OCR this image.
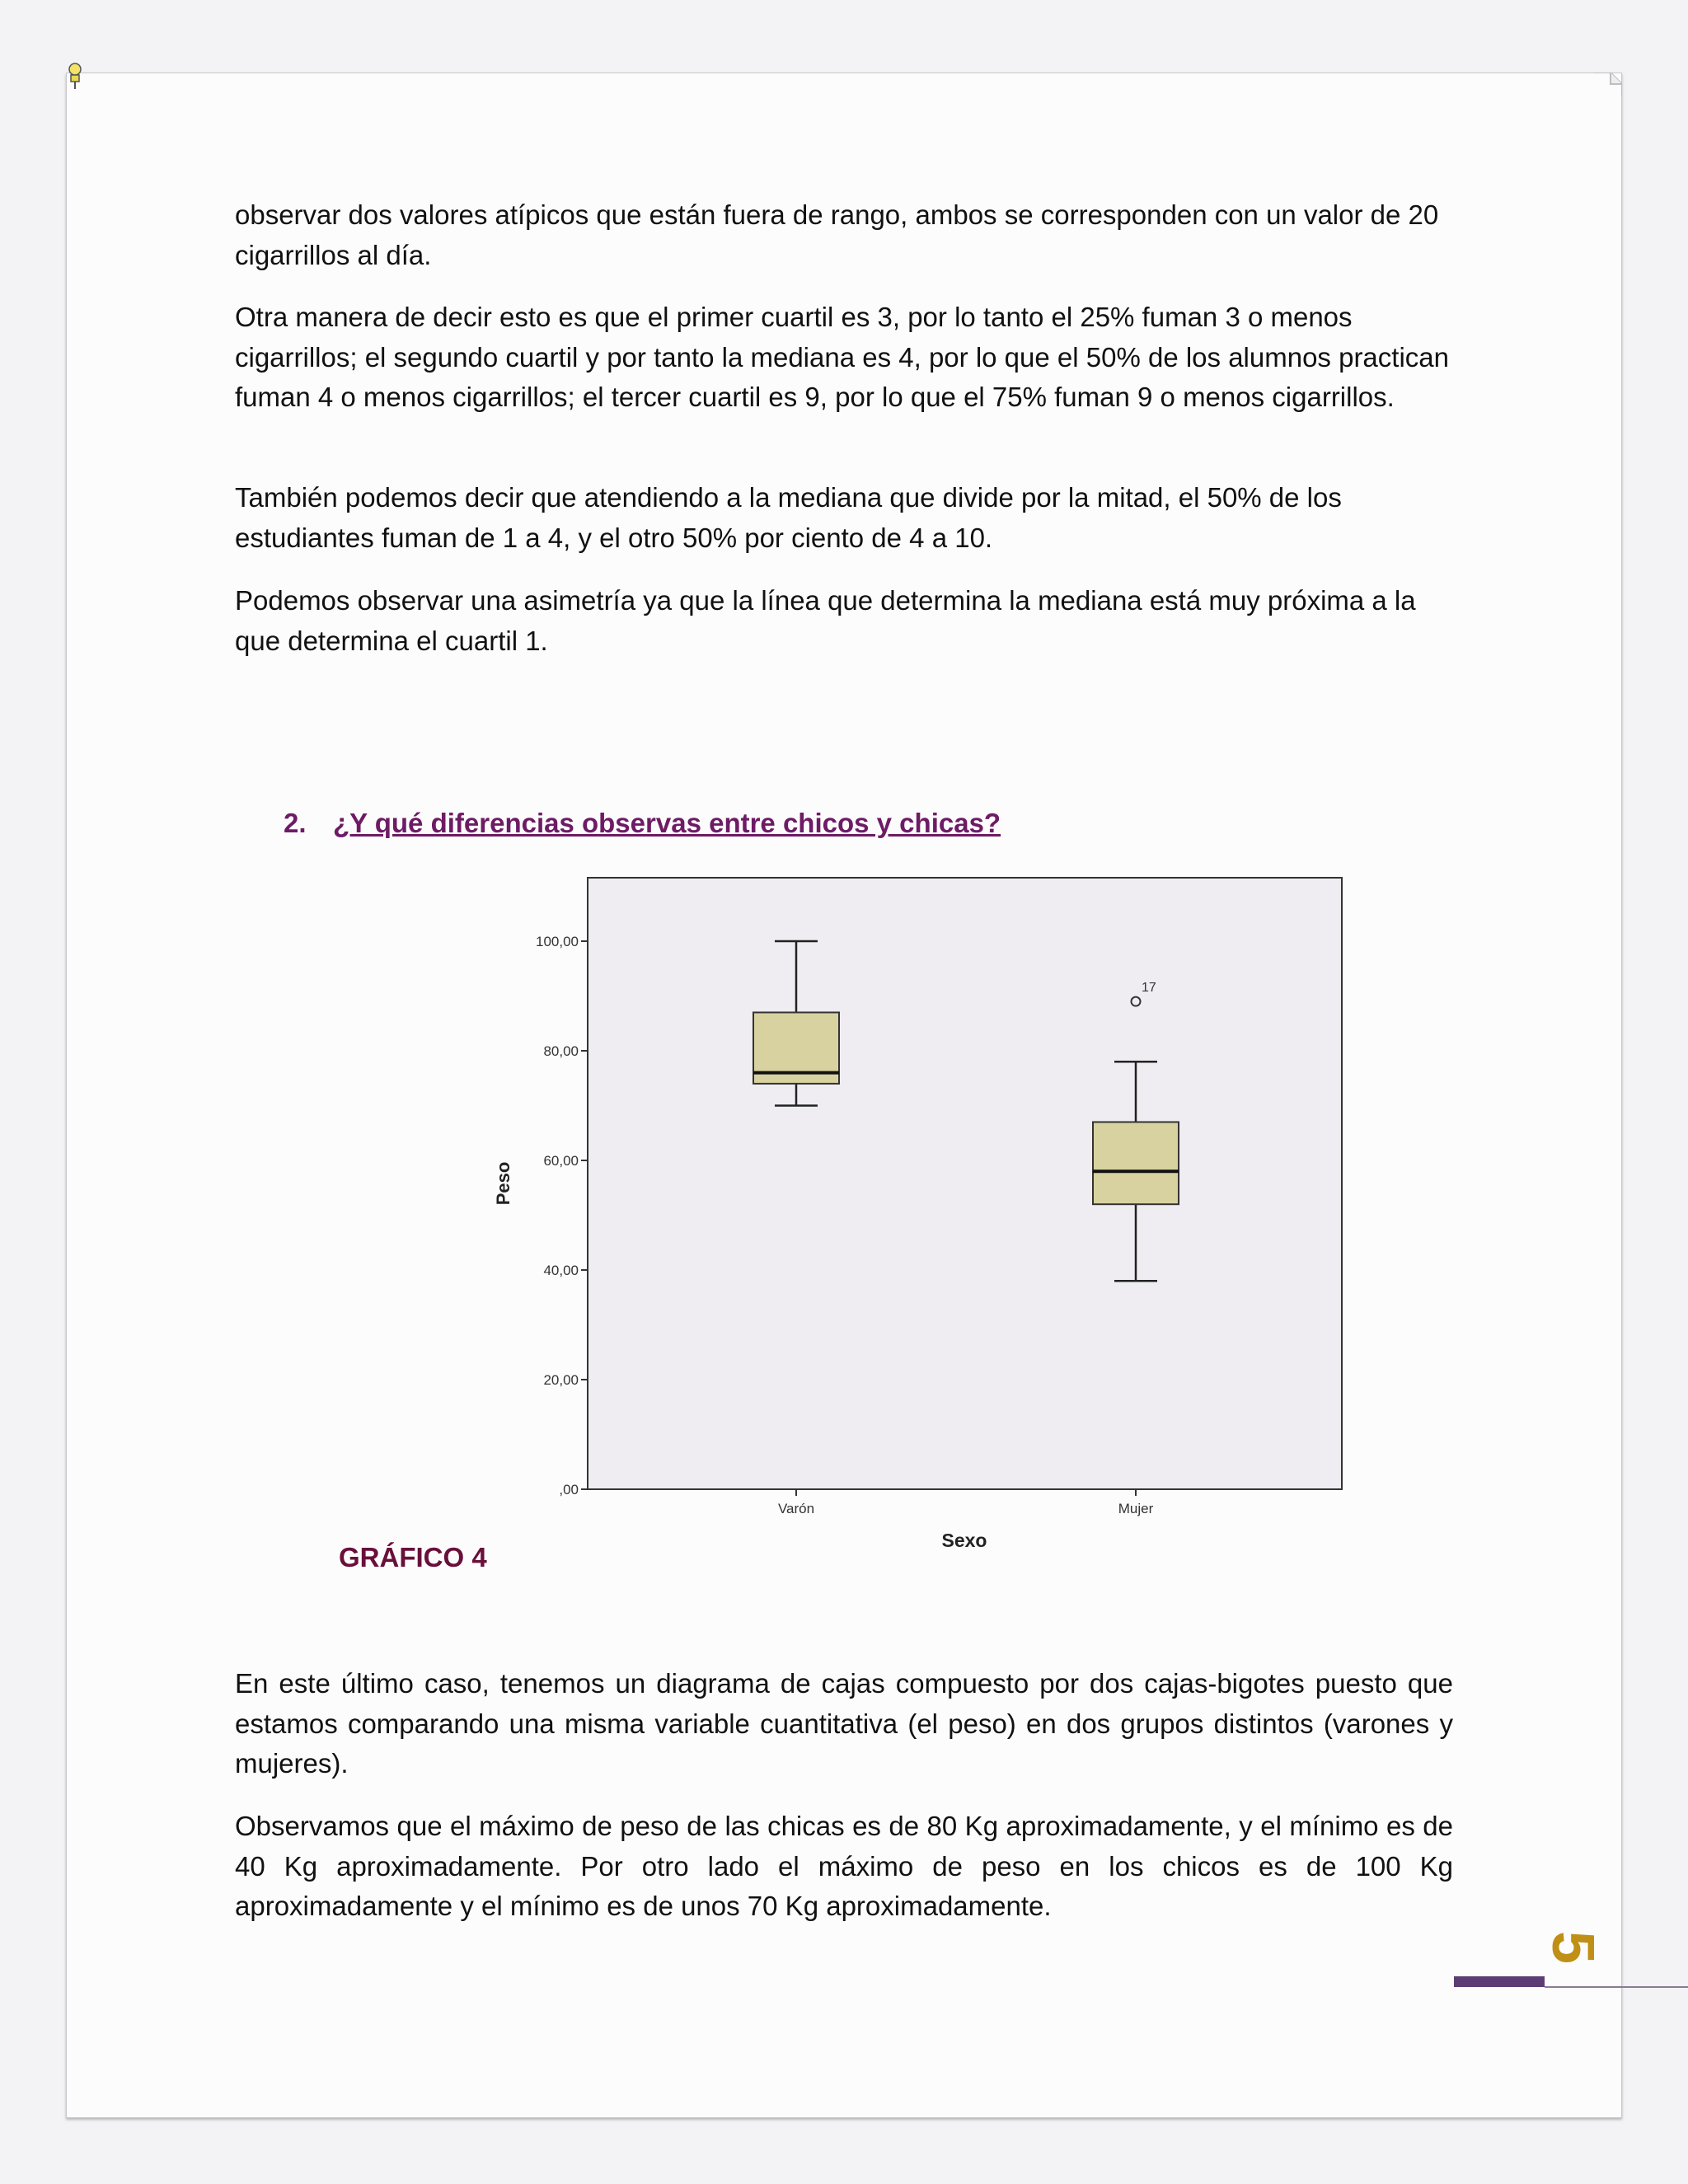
observar dos valores atípicos que están fuera de rango, ambos se corresponden con un valor de 20 cigarrillos al día.
Otra manera de decir esto es que el primer cuartil es 3, por lo tanto el 25% fuman 3 o menos cigarrillos; el segundo cuartil y por tanto la mediana es 4, por lo que el 50% de los alumnos practican fuman 4 o menos cigarrillos; el tercer cuartil es 9, por lo que el 75% fuman 9 o menos cigarrillos.
También podemos decir que atendiendo a la mediana que divide por la mitad, el 50% de los estudiantes fuman de 1 a 4, y el otro 50% por ciento de 4 a 10.
Podemos observar una asimetría ya que la línea que determina la mediana está muy próxima a la que determina el cuartil 1.
2. ¿Y qué diferencias observas entre chicos y chicas?
,00
20,00
40,00
60,00
80,00
100,00
Varón	Mujer
17
Peso
Sexo
GRÁFICO 4
En este último caso, tenemos un diagrama de cajas compuesto por dos cajas-bigotes puesto que estamos comparando una misma variable cuantitativa (el peso) en dos grupos distintos (varones y mujeres).
Observamos que el máximo de peso de las chicas es de 80 Kg aproximadamente, y el mínimo es de 40 Kg aproximadamente. Por otro lado el máximo de peso en los chicos es de 100 Kg aproximadamente y el mínimo es de unos 70 Kg aproximadamente.
5
